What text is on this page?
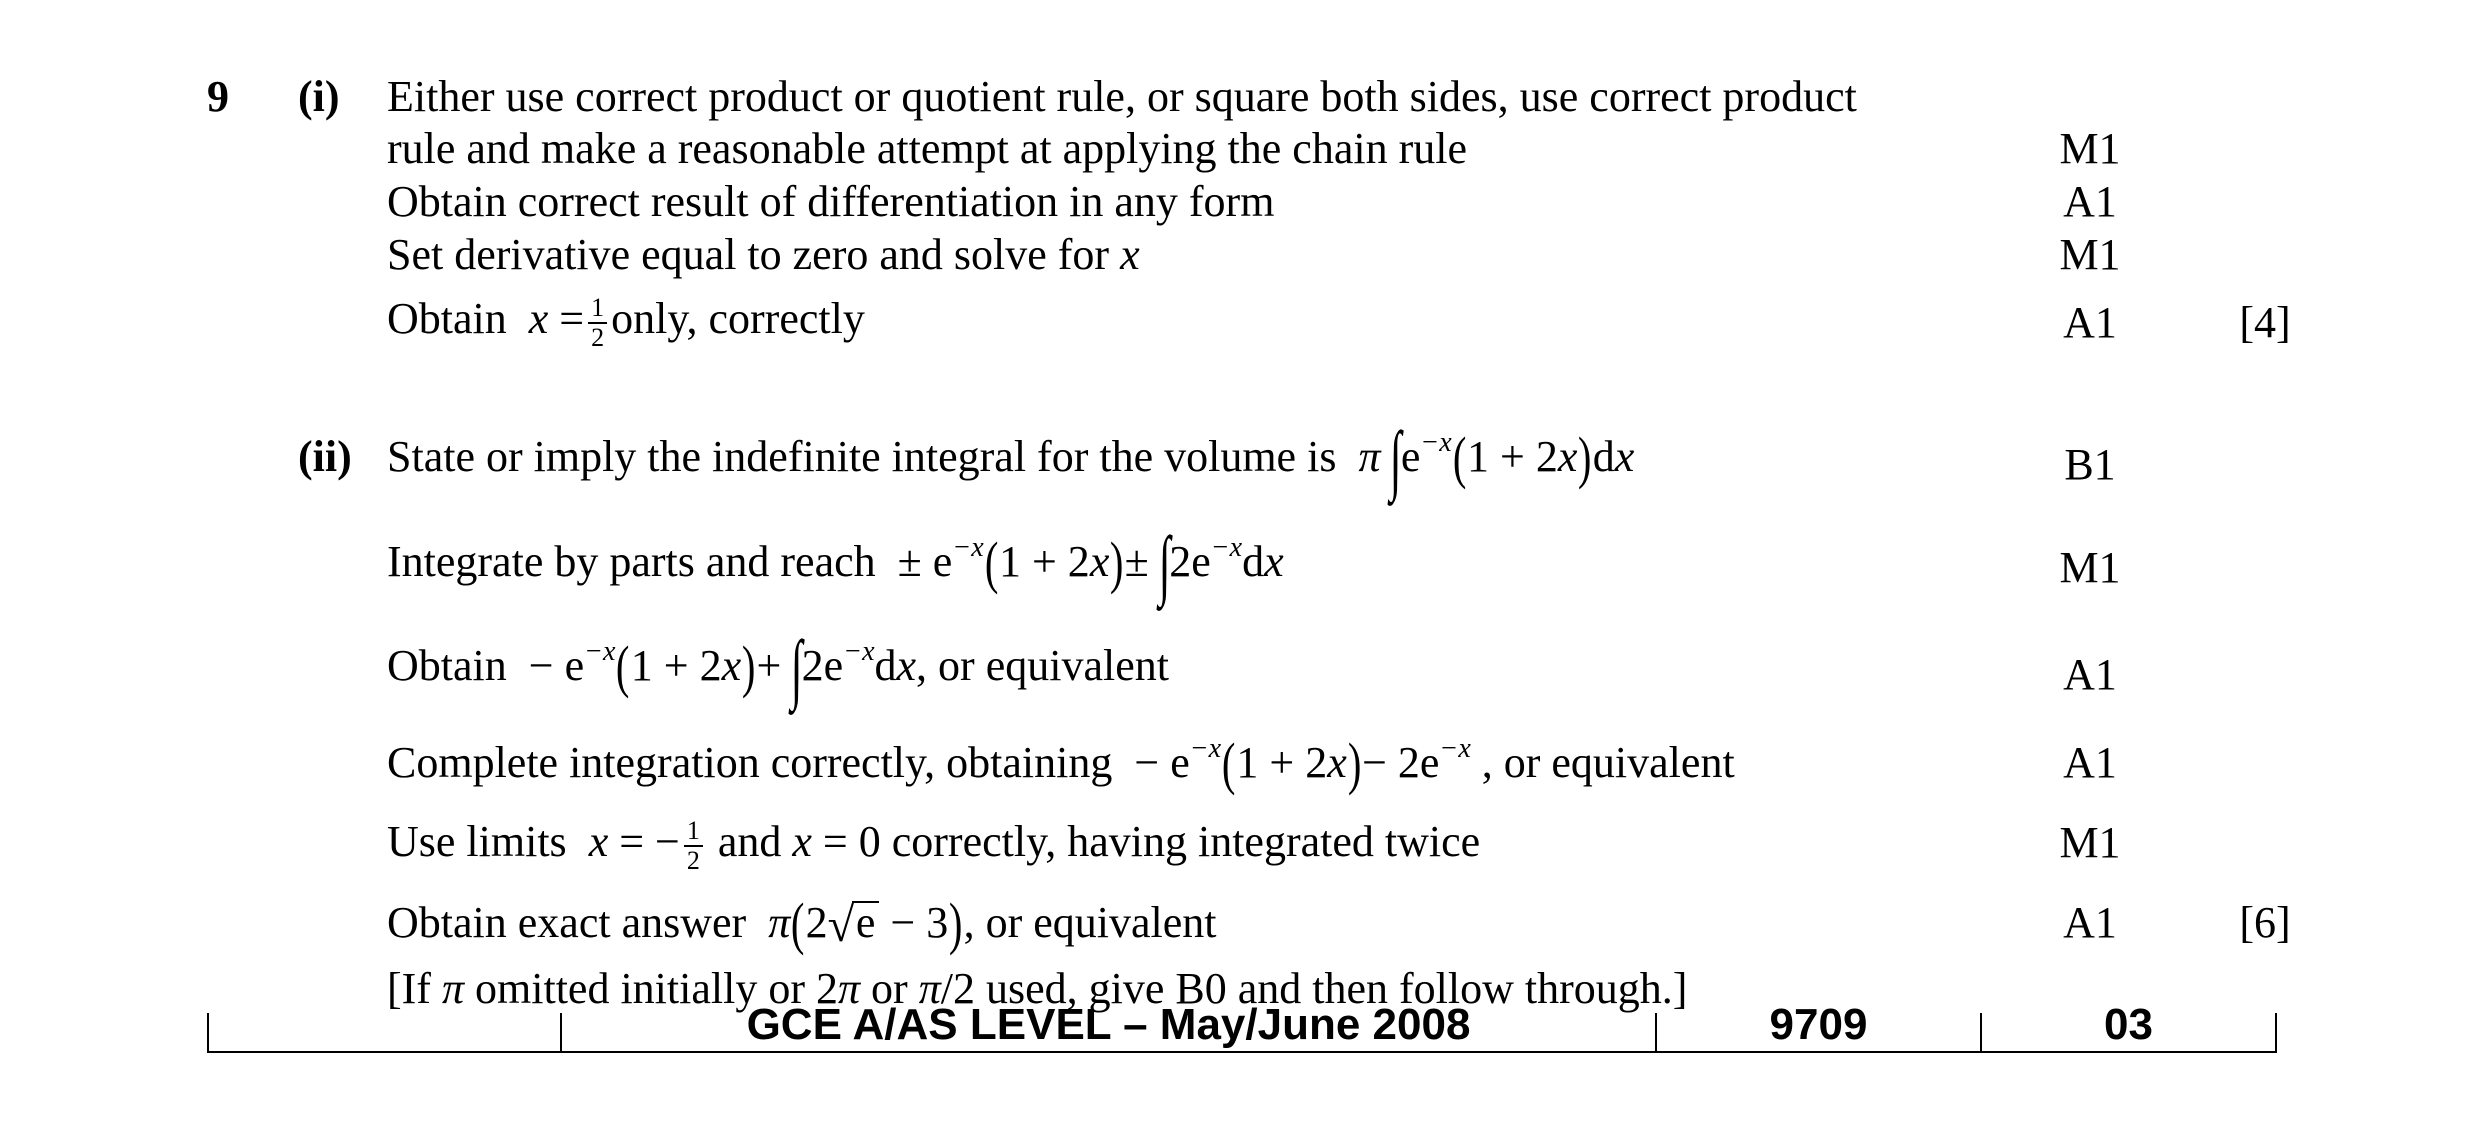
9 (i) Either use correct product or quotient rule, or square both sides, use correct product
rule and make a reasonable attempt at applying the chain rule	M1
Obtain correct result of differentiation in any form	A1
Set derivative equal to zero and solve for x	M1
Obtain $x = \frac{1}{2}$ only, correctly	A1	[4]
(ii) State or imply the indefinite integral for the volume is π $\int e^{-x}(1 + 2x)dx$	B1
Integrate by parts and reach ± $e^{-x}(1 + 2x)\pm \int 2e^{-x}dx$	M1
Obtain − $e^{-x}(1 + 2x)+ \int 2e^{-x}dx$, or equivalent	A1
Complete integration correctly, obtaining − $e^{-x}(1 + 2x)- 2e^{-x}$ , or equivalent	A1
Use limits x = − $\frac{1}{2}$ and x = 0 correctly, having integrated twice	M1
Obtain exact answer π(2√e − 3), or equivalent	A1	[6]
[If π omitted initially or 2π or π/2 used, give B0 and then follow through.]
GCE A/AS LEVEL – May/June 2008	9709	03
